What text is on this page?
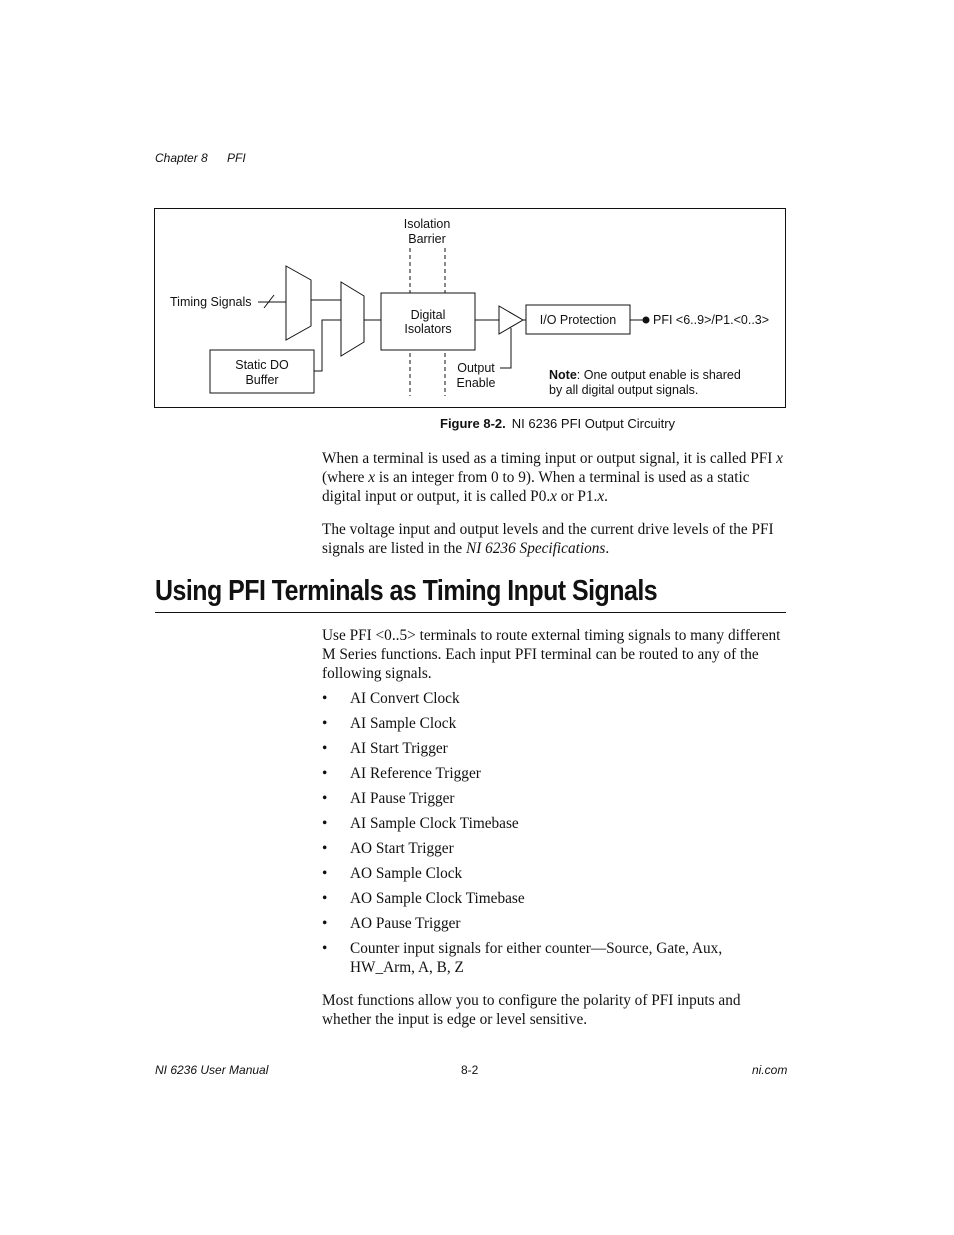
Chapter 8 PFI
Isolation
Barrier
Timing Signals
Static DO
Buffer
Digital
Isolators
Output
Enable
I/O Protection	PFI <6..9>/P1.<0..3>
Note: One output enable is shared
by all digital output signals.
Figure 8-2. NI 6236 PFI Output Circuitry

When a terminal is used as a timing input or output signal, it is called PFI x (where x is an integer from 0 to 9). When a terminal is used as a static digital input or output, it is called P0.x or P1.x.

The voltage input and output levels and the current drive levels of the PFI signals are listed in the NI 6236 Specifications.

Using PFI Terminals as Timing Input Signals

Use PFI <0..5> terminals to route external timing signals to many different M Series functions. Each input PFI terminal can be routed to any of the following signals.

• AI Convert Clock
• AI Sample Clock
• AI Start Trigger
• AI Reference Trigger
• AI Pause Trigger
• AI Sample Clock Timebase
• AO Start Trigger
• AO Sample Clock
• AO Sample Clock Timebase
• AO Pause Trigger
• Counter input signals for either counter—Source, Gate, Aux, HW_Arm, A, B, Z

Most functions allow you to configure the polarity of PFI inputs and whether the input is edge or level sensitive.

NI 6236 User Manual	8-2	ni.com
